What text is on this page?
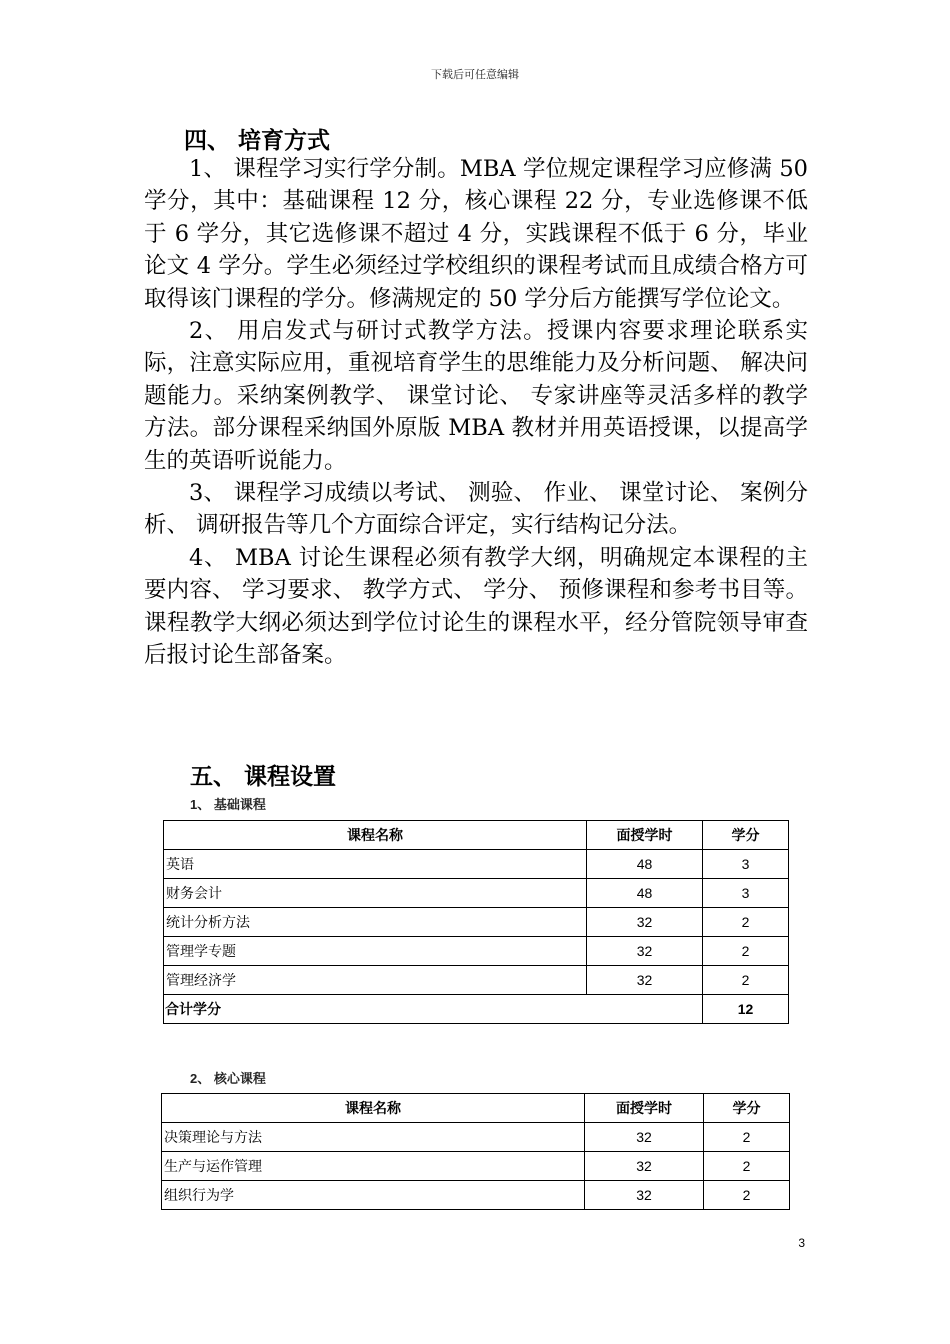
下载后可任意编辑
四、 培育方式

1、 课程学习实行学分制。MBA 学位规定课程学习应修满 50 学分，其中：基础课程 12 分，核心课程 22 分，专业选修课不低于 6 学分，其它选修课不超过 4 分，实践课程不低于 6 分，毕业论文 4 学分。学生必须经过学校组织的课程考试而且成绩合格方可取得该门课程的学分。修满规定的 50 学分后方能撰写学位论文。

2、 用启发式与研讨式教学方法。授课内容要求理论联系实际，注意实际应用，重视培育学生的思维能力及分析问题、 解决问题能力。采纳案例教学、 课堂讨论、 专家讲座等灵活多样的教学方法。部分课程采纳国外原版 MBA 教材并用英语授课，以提高学生的英语听说能力。

3、 课程学习成绩以考试、 测验、 作业、 课堂讨论、 案例分析、 调研报告等几个方面综合评定，实行结构记分法。

4、 MBA 讨论生课程必须有教学大纲，明确规定本课程的主要内容、 学习要求、 教学方式、 学分、 预修课程和参考书目等。课程教学大纲必须达到学位讨论生的课程水平，经分管院领导审查后报讨论生部备案。

五、 课程设置
1、 基础课程
课程名称	面授学时	学分
英语	48	3
财务会计	48	3
统计分析方法	32	2
管理学专题	32	2
管理经济学	32	2
合计学分		12
2、 核心课程
课程名称	面授学时	学分
决策理论与方法	32	2
生产与运作管理	32	2
组织行为学	32	2
3
